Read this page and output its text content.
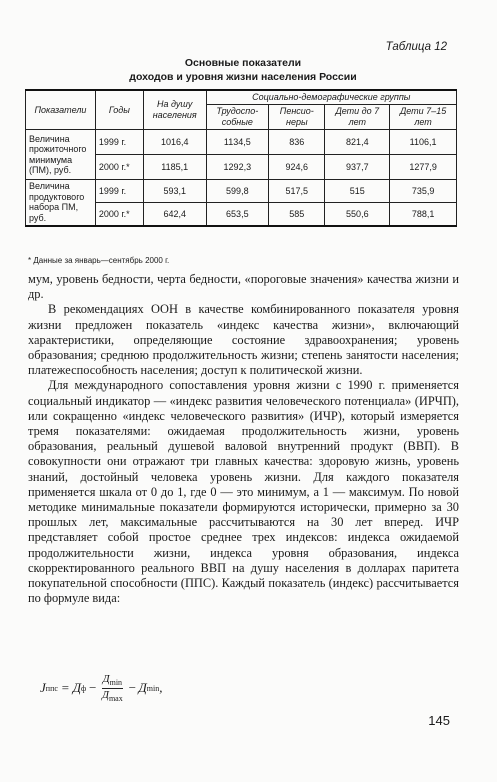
Таблица 12
Основные показатели
доходов и уровня жизни населения России
Показатели	Годы	На душу населения	Социально-демографические группы			
			Трудоспо-собные	Пенсио-неры	Дети до 7 лет	Дети 7–15 лет
Величина прожиточного минимума (ПМ), руб.	1999 г.	1016,4	1134,5	836	821,4	1106,1
	2000 г.*	1185,1	1292,3	924,6	937,7	1277,9
Величина продуктового набора ПМ, руб.	1999 г.	593,1	599,8	517,5	515	735,9
	2000 г.*	642,4	653,5	585	550,6	788,1
* Данные за январь—сентябрь 2000 г.

мум, уровень бедности, черта бедности, «пороговые значения» качества жизни и др.

В рекомендациях ООН в качестве комбинированного показателя уровня жизни предложен показатель «индекс качества жизни», включающий характеристики, определяющие состояние здравоохранения; уровень образования; среднюю продолжительность жизни; степень занятости населения; платежеспособность населения; доступ к политической жизни.

Для международного сопоставления уровня жизни с 1990 г. применяется социальный индикатор — «индекс развития человеческого потенциала» (ИРЧП), или сокращенно «индекс человеческого развития» (ИЧР), который измеряется тремя показателями: ожидаемая продолжительность жизни, уровень образования, реальный душевой валовой внутренний продукт (ВВП). В совокупности они отражают три главных качества: здоровую жизнь, уровень знаний, достойный человека уровень жизни. Для каждого показателя применяется шкала от 0 до 1, где 0 — это минимум, а 1 — максимум. По новой методике минимальные показатели формируются исторически, примерно за 30 прошлых лет, максимальные рассчитываются на 30 лет вперед. ИЧР представляет собой простое среднее трех индексов: индекса ожидаемой продолжительности жизни, индекса уровня образования, индекса скорректированного реального ВВП на душу населения в долларах паритета покупательной способности (ППС). Каждый показатель (индекс) рассчитывается по формуле вида:

J ппс = Д $ф - \frac{Д_{min}}{Д_{max}} - Д$ min ,
145
